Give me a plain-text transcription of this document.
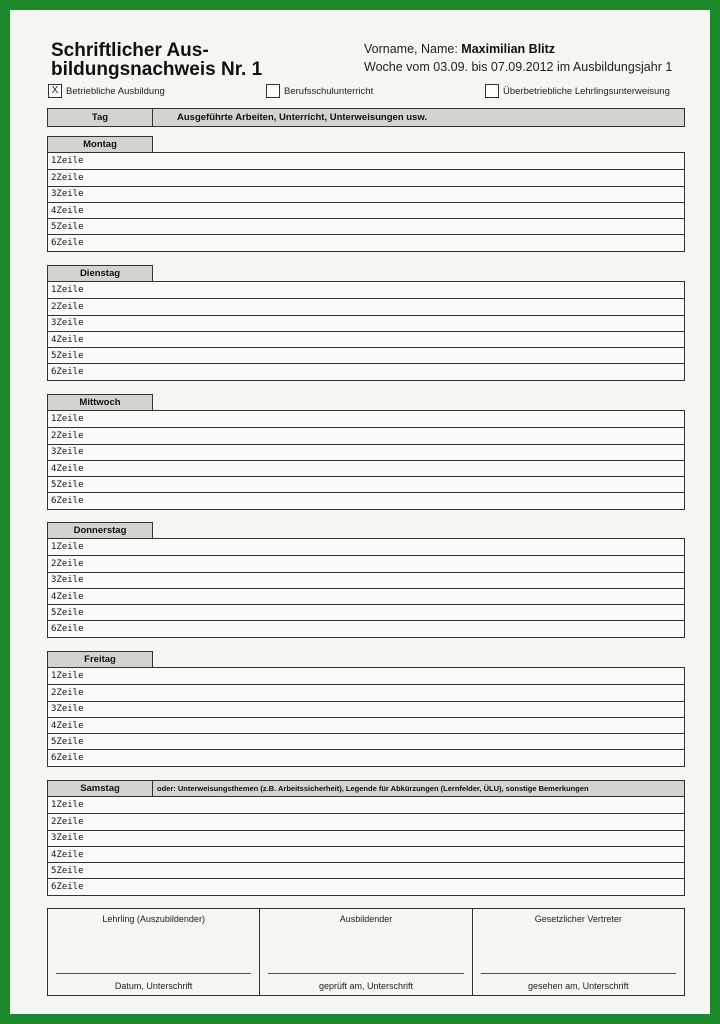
Schriftlicher Aus-
bildungsnachweis Nr. 1
Vorname, Name: Maximilian Blitz
Woche vom 03.09. bis 07.09.2012 im Ausbildungsjahr 1
X Betriebliche Ausbildung	Berufsschulunterricht	Überbetriebliche Lehrlingsunterweisung
Tag	Ausgeführte Arbeiten, Unterricht, Unterweisungen usw.
Montag
1Zeile
2Zeile
3Zeile
4Zeile
5Zeile
6Zeile
Dienstag
1Zeile
2Zeile
3Zeile
4Zeile
5Zeile
6Zeile
Mittwoch
1Zeile
2Zeile
3Zeile
4Zeile
5Zeile
6Zeile
Donnerstag
1Zeile
2Zeile
3Zeile
4Zeile
5Zeile
6Zeile
Freitag
1Zeile
2Zeile
3Zeile
4Zeile
5Zeile
6Zeile
Samstag	oder: Unterweisungsthemen (z.B. Arbeitssicherheit), Legende für Abkürzungen (Lernfelder, ÜLU), sonstige Bemerkungen
1Zeile
2Zeile
3Zeile
4Zeile
5Zeile
6Zeile
Lehrling (Auszubildender)
Datum, Unterschrift
Ausbildender
geprüft am, Unterschrift
Gesetzlicher Vertreter
gesehen am, Unterschrift
